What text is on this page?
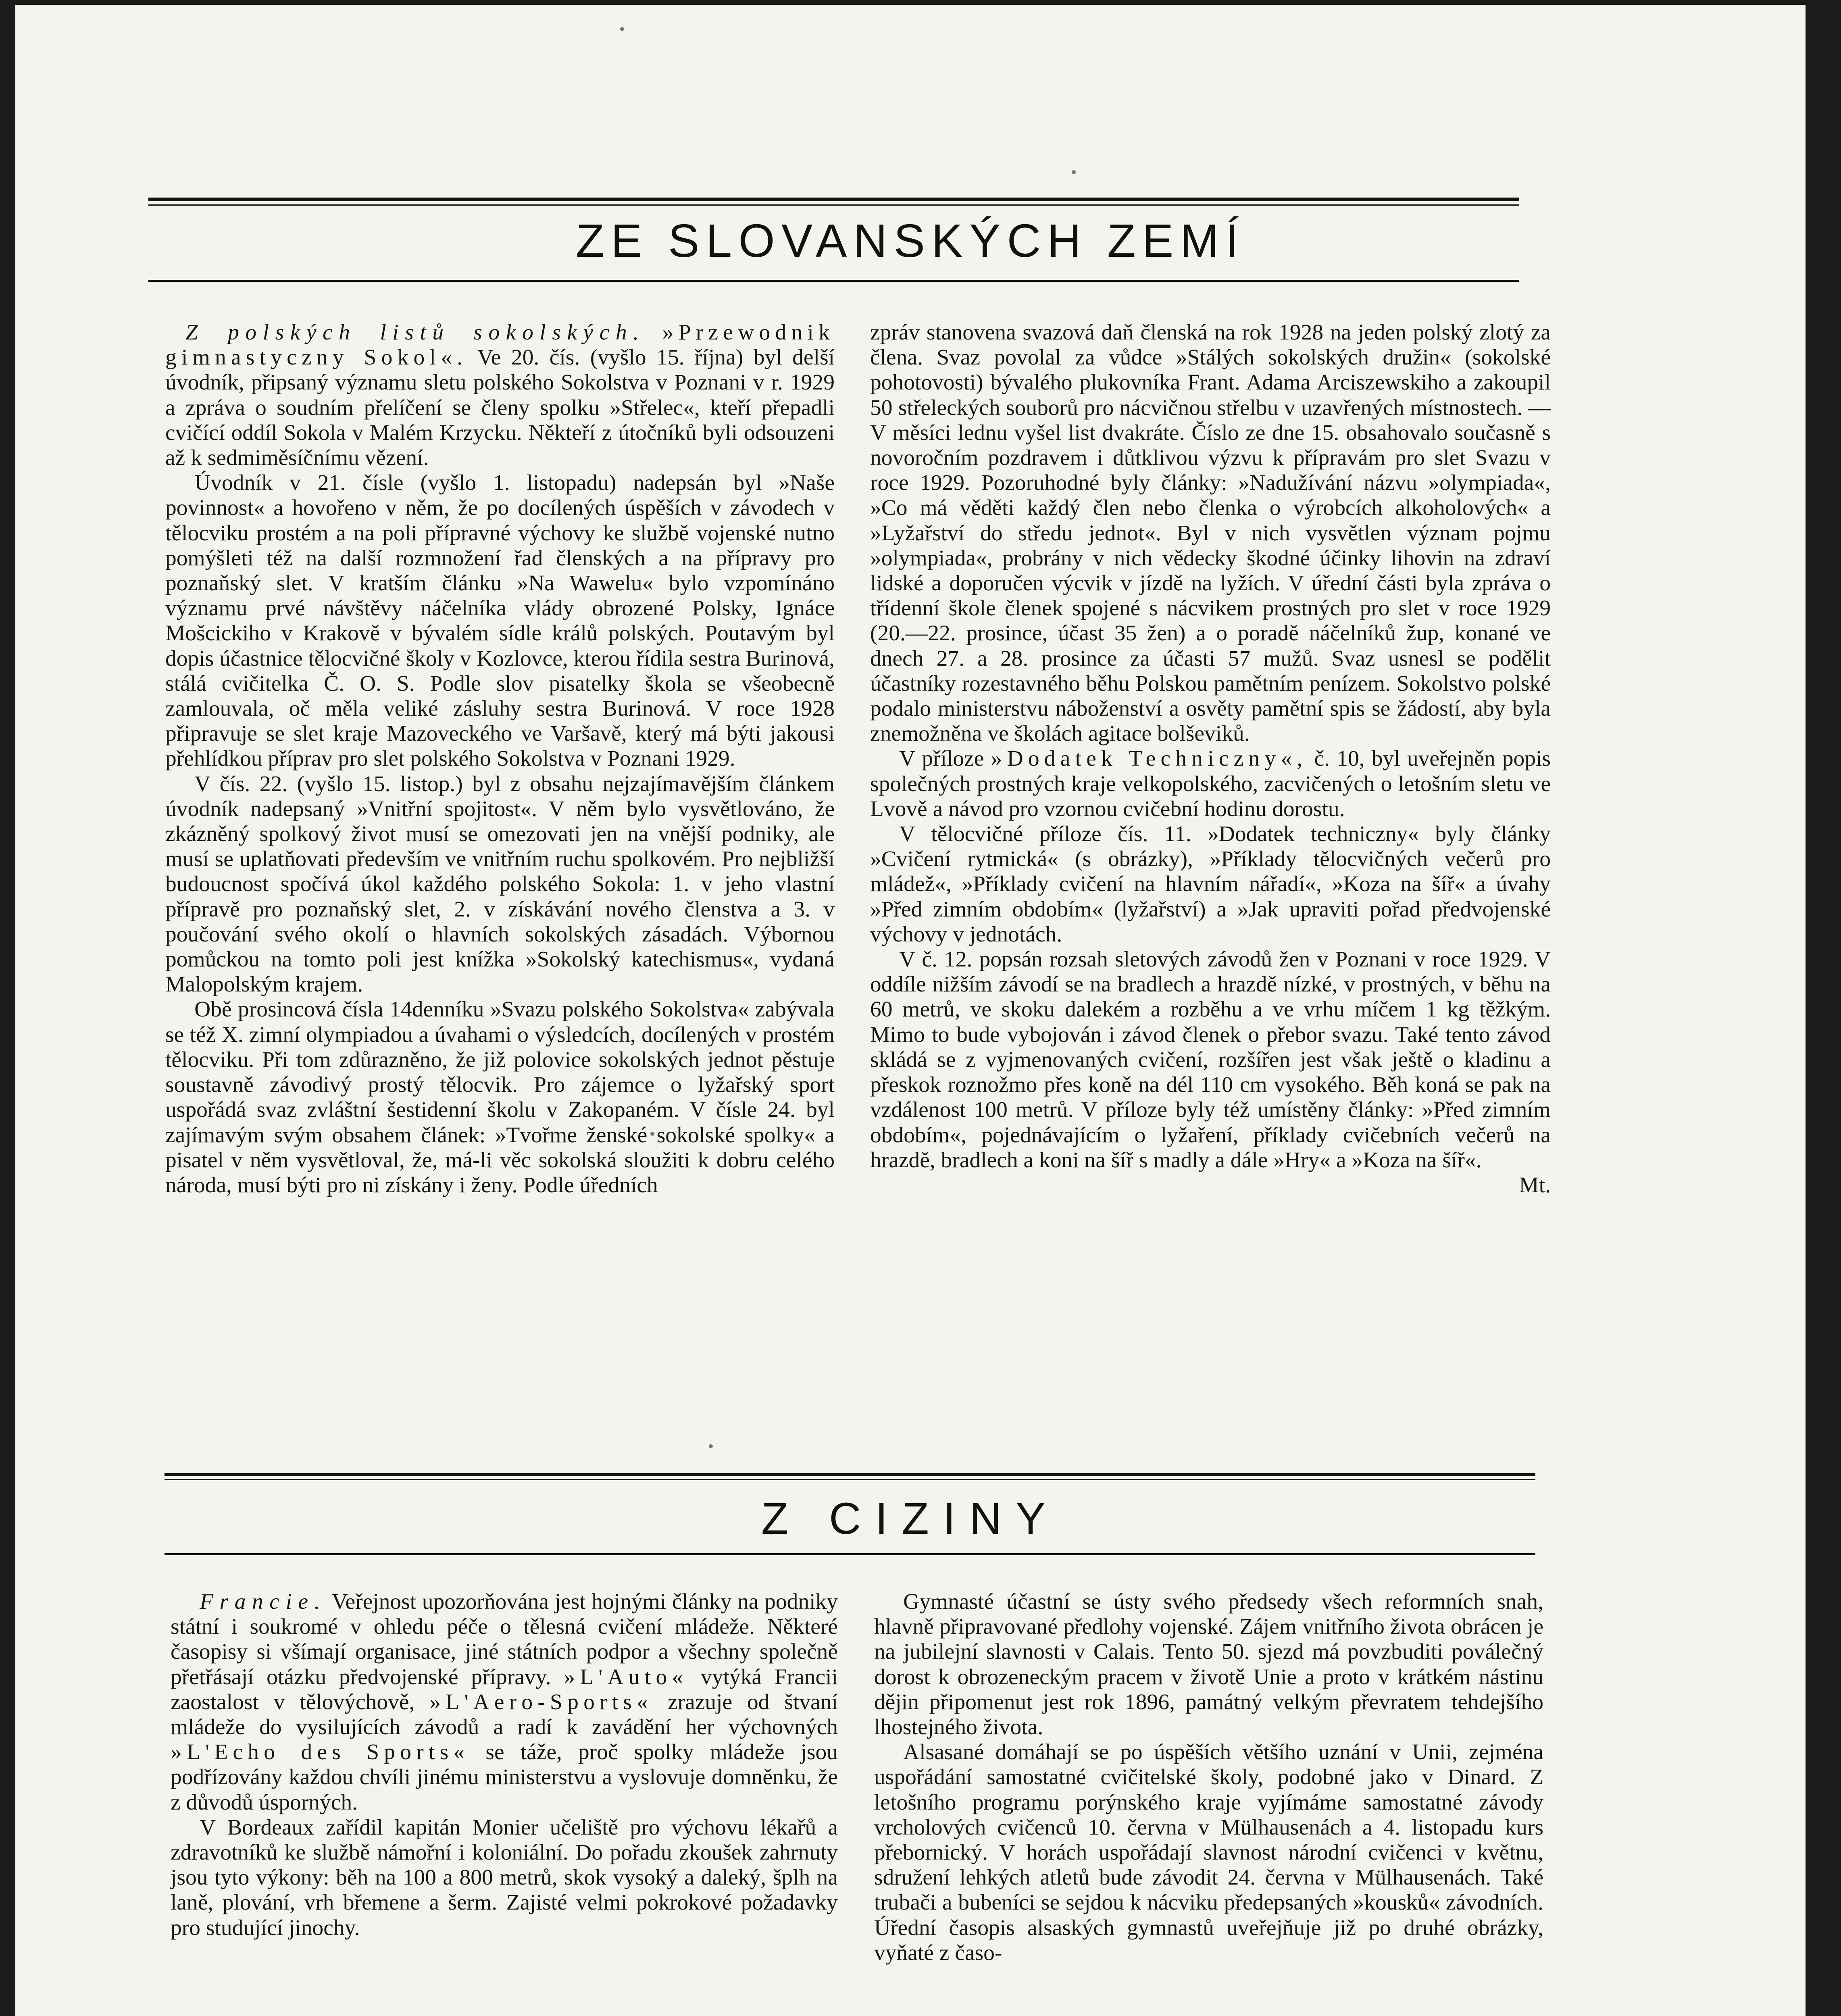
ZE SLOVANSKÝCH ZEMÍ

Z polských listů sokolských. »Przewodnik gimnastyczny Sokol«. Ve 20. čís. (vyšlo 15. října) byl delší úvodník, připsaný významu sletu polského Sokolstva v Poznani v r. 1929 a zpráva o soudním přelíčení se členy spolku »Střelec«, kteří přepadli cvičící oddíl Sokola v Malém Krzycku. Někteří z útočníků byli odsouzeni až k sedmiměsíčnímu vězení.

Úvodník v 21. čísle (vyšlo 1. listopadu) nadepsán byl »Naše povinnost« a hovořeno v něm, že po docílených úspěších v závodech v tělocviku prostém a na poli přípravné výchovy ke službě vojenské nutno pomýšleti též na další rozmnožení řad členských a na přípravy pro poznaňský slet. V kratším článku »Na Wawelu« bylo vzpomínáno významu prvé návštěvy náčelníka vlády obrozené Polsky, Ignáce Mošcickiho v Krakově v bývalém sídle králů polských. Poutavým byl dopis účastnice tělocvičné školy v Kozlovce, kterou řídila sestra Burinová, stálá cvičitelka Č. O. S. Podle slov pisatelky škola se všeobecně zamlouvala, oč měla veliké zásluhy sestra Burinová. V roce 1928 připravuje se slet kraje Mazoveckého ve Varšavě, který má býti jakousi přehlídkou příprav pro slet polského Sokolstva v Poznani 1929.

V čís. 22. (vyšlo 15. listop.) byl z obsahu nejzajímavějším článkem úvodník nadepsaný »Vnitřní spojitost«. V něm bylo vysvětlováno, že zkázněný spolkový život musí se omezovati jen na vnější podniky, ale musí se uplatňovati především ve vnitřním ruchu spolkovém. Pro nejbližší budoucnost spočívá úkol každého polského Sokola: 1. v jeho vlastní přípravě pro poznaňský slet, 2. v získávání nového členstva a 3. v poučování svého okolí o hlavních sokolských zásadách. Výbornou pomůckou na tomto poli jest knížka »Sokolský katechismus«, vydaná Malopolským krajem.

Obě prosincová čísla 14denníku »Svazu polského Sokolstva« zabývala se též X. zimní olympiadou a úvahami o výsledcích, docílených v prostém tělocviku. Při tom zdůrazněno, že již polovice sokolských jednot pěstuje soustavně závodivý prostý tělocvik. Pro zájemce o lyžařský sport uspořádá svaz zvláštní šestidenní školu v Zakopaném. V čísle 24. byl zajímavým svým obsahem článek: »Tvořme ženské sokolské spolky« a pisatel v něm vysvětloval, že, má-li věc sokolská sloužiti k dobru celého národa, musí býti pro ni získány i ženy. Podle úředních

zpráv stanovena svazová daň členská na rok 1928 na jeden polský zlotý za člena. Svaz povolal za vůdce »Stálých sokolských družin« (sokolské pohotovosti) bývalého plukovníka Frant. Adama Arciszewskiho a zakoupil 50 střeleckých souborů pro nácvičnou střelbu v uzavřených místnostech. — V měsíci lednu vyšel list dvakráte. Číslo ze dne 15. obsahovalo současně s novoročním pozdravem i důtklivou výzvu k přípravám pro slet Svazu v roce 1929. Pozoruhodné byly články: »Nadužívání názvu »olympiada«, »Co má věděti každý člen nebo členka o výrobcích alkoholových« a »Lyžařství do středu jednot«. Byl v nich vysvětlen význam pojmu »olympiada«, probrány v nich vědecky škodné účinky lihovin na zdraví lidské a doporučen výcvik v jízdě na lyžích. V úřední části byla zpráva o třídenní škole členek spojené s nácvikem prostných pro slet v roce 1929 (20.—22. prosince, účast 35 žen) a o poradě náčelníků žup, konané ve dnech 27. a 28. prosince za účasti 57 mužů. Svaz usnesl se podělit účastníky rozestavného běhu Polskou pamětním penízem. Sokolstvo polské podalo ministerstvu náboženství a osvěty pamětní spis se žádostí, aby byla znemožněna ve školách agitace bolševiků.

V příloze »Dodatek Techniczny«, č. 10, byl uveřejněn popis společných prostných kraje velkopolského, zacvičených o letošním sletu ve Lvově a návod pro vzornou cvičební hodinu dorostu.

V tělocvičné příloze čís. 11. »Dodatek techniczny« byly články »Cvičení rytmická« (s obrázky), »Příklady tělocvičných večerů pro mládež«, »Příklady cvičení na hlavním nářadí«, »Koza na šíř« a úvahy »Před zimním obdobím« (lyžařství) a »Jak upraviti pořad předvojenské výchovy v jednotách.

V č. 12. popsán rozsah sletových závodů žen v Poznani v roce 1929. V oddíle nižším závodí se na bradlech a hrazdě nízké, v prostných, v běhu na 60 metrů, ve skoku dalekém a rozběhu a ve vrhu míčem 1 kg těžkým. Mimo to bude vybojován i závod členek o přebor svazu. Také tento závod skládá se z vyjmenovaných cvičení, rozšířen jest však ještě o kladinu a přeskok roznožmo přes koně na dél 110 cm vysokého. Běh koná se pak na vzdálenost 100 metrů. V příloze byly též umístěny články: »Před zimním obdobím«, pojednávajícím o lyžaření, příklady cvičebních večerů na hrazdě, bradlech a koni na šíř s madly a dále »Hry« a »Koza na šíř«.

Mt.
Z CIZINY

Francie. Veřejnost upozorňována jest hojnými články na podniky státní i soukromé v ohledu péče o tělesná cvičení mládeže. Některé časopisy si všímají organisace, jiné státních podpor a všechny společně přetřásají otázku předvojenské přípravy. »L'Auto« vytýká Francii zaostalost v tělovýchově, »L'Aero-Sports« zrazuje od štvaní mládeže do vysilujících závodů a radí k zavádění her výchovných »L'Echo des Sports« se táže, proč spolky mládeže jsou podřízovány každou chvíli jinému ministerstvu a vyslovuje domněnku, že z důvodů úsporných.

V Bordeaux zařídil kapitán Monier učeliště pro výchovu lékařů a zdravotníků ke službě námořní i koloniální. Do pořadu zkoušek zahrnuty jsou tyto výkony: běh na 100 a 800 metrů, skok vysoký a daleký, šplh na laně, plování, vrh břemene a šerm. Zajisté velmi pokrokové požadavky pro studující jinochy.

Gymnasté účastní se ústy svého předsedy všech reformních snah, hlavně připravované předlohy vojenské. Zájem vnitřního života obrácen je na jubilejní slavnosti v Calais. Tento 50. sjezd má povzbuditi poválečný dorost k obrozeneckým pracem v životě Unie a proto v krátkém nástinu dějin připomenut jest rok 1896, památný velkým převratem tehdejšího lhostejného života.

Alsasané domáhají se po úspěších většího uznání v Unii, zejména uspořádání samostatné cvičitelské školy, podobné jako v Dinard. Z letošního programu porýnského kraje vyjímáme samostatné závody vrcholových cvičenců 10. června v Mülhausenách a 4. listopadu kurs přebornický. V horách uspořádají slavnost národní cvičenci v květnu, sdružení lehkých atletů bude závodit 24. června v Mülhausenách. Také trubači a bubeníci se sejdou k nácviku předepsaných »kousků« závodních. Úřední časopis alsaských gymnastů uveřejňuje již po druhé obrázky, vyňaté z časo-
